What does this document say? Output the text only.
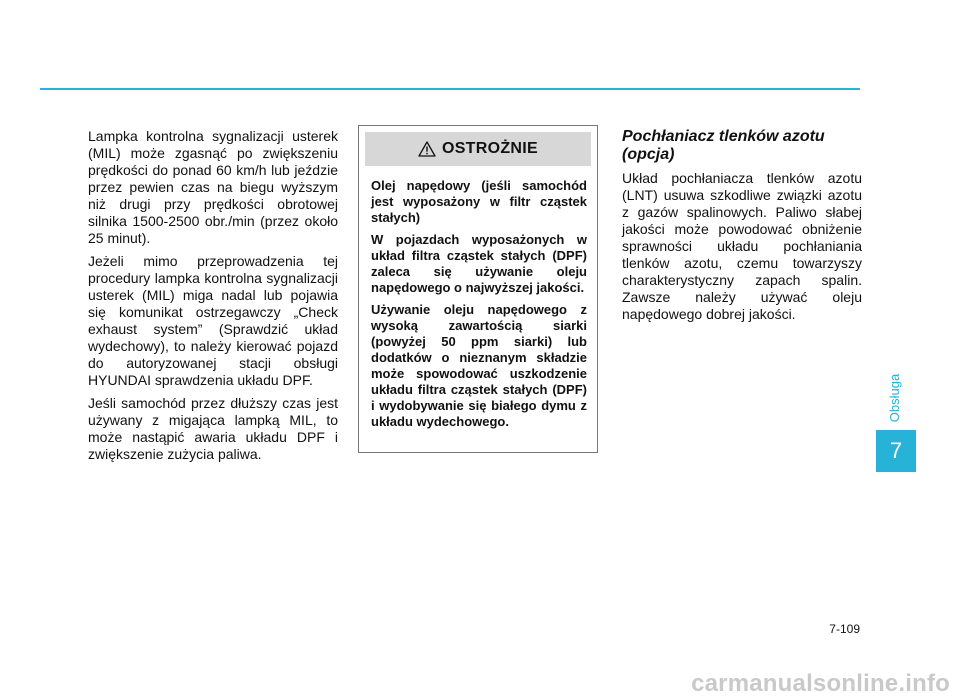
Lampka kontrolna sygnalizacji usterek (MIL) może zgasnąć po zwiększeniu prędkości do ponad 60 km/h lub jeździe przez pewien czas na biegu wyższym niż drugi przy prędkości obrotowej silnika 1500-2500 obr./min (przez około 25 minut).

Jeżeli mimo przeprowadzenia tej procedury lampka kontrolna sygnalizacji usterek (MIL) miga nadal lub pojawia się komunikat ostrzegawczy „Check exhaust system” (Sprawdzić układ wydechowy), to należy kierować pojazd do autoryzowanej stacji obsługi HYUNDAI sprawdzenia układu DPF.

Jeśli samochód przez dłuższy czas jest używany z migająca lampką MIL, to może nastąpić awaria układu DPF i zwiększenie zużycia paliwa.

OSTROŻNIE

Olej napędowy (jeśli samochód jest wyposażony w filtr cząstek stałych)

W pojazdach wyposażonych w układ filtra cząstek stałych (DPF) zaleca się używanie oleju napędowego o najwyższej jakości.

Używanie oleju napędowego z wysoką zawartością siarki (powyżej 50 ppm siarki) lub dodatków o nieznanym składzie może spowodować uszkodzenie układu filtra cząstek stałych (DPF) i wydobywanie się białego dymu z układu wydechowego.

Pochłaniacz tlenków azotu (opcja)

Układ pochłaniacza tlenków azotu (LNT) usuwa szkodliwe związki azotu z gazów spalinowych. Paliwo słabej jakości może powodować obniżenie sprawności układu pochłaniania tlenków azotu, czemu towarzyszy charakterystyczny zapach spalin. Zawsze należy używać oleju napędowego dobrej jakości.

Obsługa
7
7-109
carmanualsonline.info
